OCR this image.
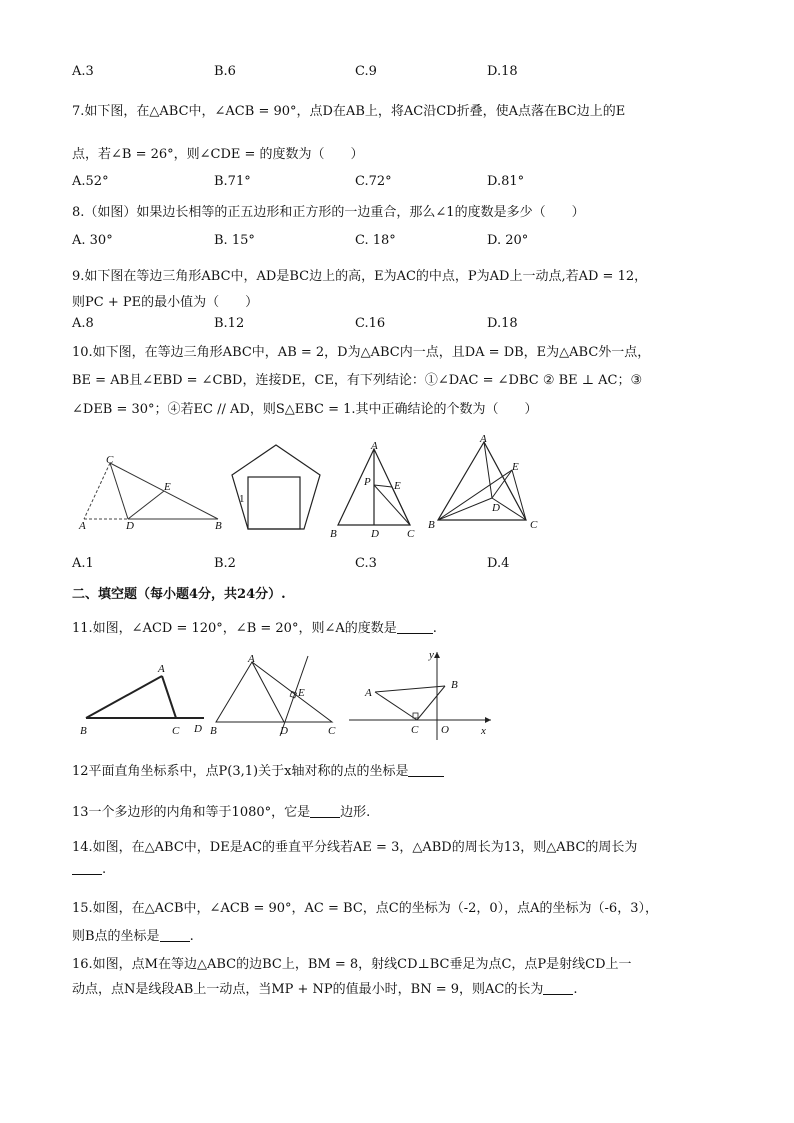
A.3	B.6	C.9	D.18
7.如下图，在△ABC中，∠ACB = 90°，点D在AB上，将AC沿CD折叠，使A点落在BC边上的E
点，若∠B = 26°，则∠CDE = 的度数为（　　）
A.52°	B.71°	C.72°	D.81°
8.（如图）如果边长相等的正五边形和正方形的一边重合，那么∠1的度数是多少（　　）
A. 30°	B. 15°	C. 18°	D. 20°
9.如下图在等边三角形ABC中，AD是BC边上的高，E为AC的中点，P为AD上一动点,若AD = 12，
则PC + PE的最小值为（　　）
A.8	B.12	C.16	D.18
10.如下图，在等边三角形ABC中，AB = 2，D为△ABC内一点，且DA = DB，E为△ABC外一点，
BE = AB且∠EBD = ∠CBD，连接DE，CE，有下列结论：①∠DAC = ∠DBC ② BE ⊥ AC；③
∠DEB = 30°；④若EC // AD，则S△EBC = 1.其中正确结论的个数为（　　）
C
E
A	D	B
1
A
P E
B	D	C
A
E
D
B	C
A.1	B.2	C.3	D.4
二、填空题（每小题4分，共24分）.
11.如图，∠ACD = 120°，∠B = 20°，则∠A的度数是	.
A
B	C D
A
E
B	D	C
y
A
B
C O	x
12平面直角坐标系中，点P(3,1)关于x轴对称的点的坐标是
13一个多边形的内角和等于1080°，它是 边形.
14.如图，在△ABC中，DE是AC的垂直平分线若AE = 3，△ABD的周长为13，则△ABC的周长为
.
15.如图，在△ACB中，∠ACB = 90°，AC = BC，点C的坐标为（-2，0），点A的坐标为（-6，3），
则B点的坐标是 .
16.如图，点M在等边△ABC的边BC上，BM = 8，射线CD⊥BC垂足为点C，点P是射线CD上一
动点，点N是线段AB上一动点，当MP + NP的值最小时，BN = 9，则AC的长为 .
